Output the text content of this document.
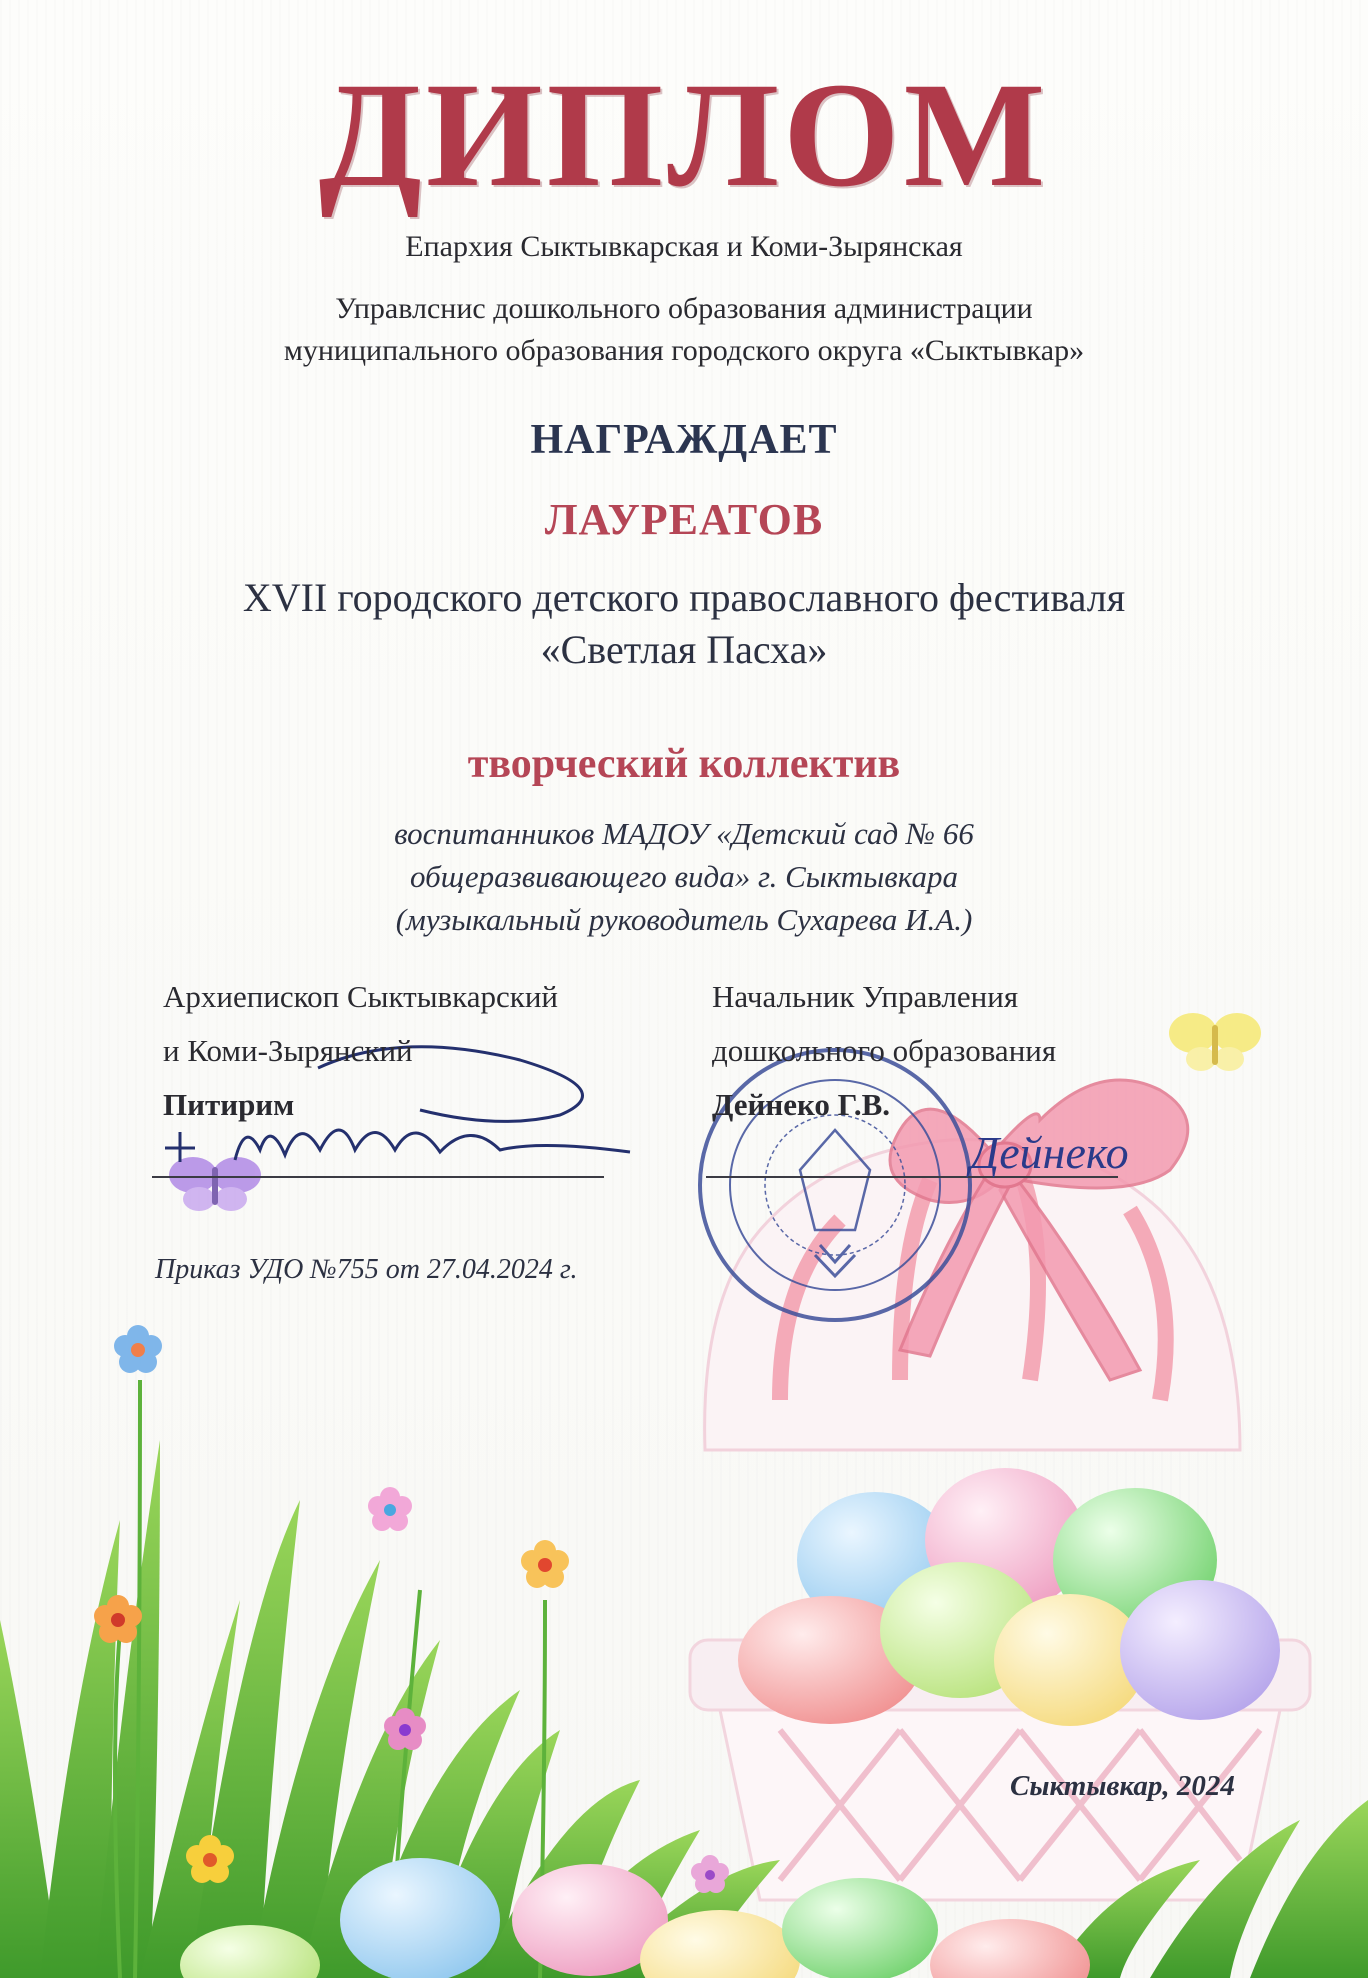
ДИПЛОМ
Епархия Сыктывкарская и Коми-Зырянская
Управлснис дошкольного образования администрации
муниципального образования городского округа «Сыктывкар»
НАГРАЖДАЕТ
ЛАУРЕАТОВ
XVII городского детского православного фестиваля
«Светлая Пасха»
творческий коллектив
воспитанников МАДОУ «Детский сад № 66
общеразвивающего вида» г. Сыктывкара
(музыкальный руководитель Сухарева И.А.)
Архиепископ Сыктывкарский
и Коми-Зырянский
Питирим
Начальник Управления
дошкольного образования
Дейнеко Г.В.
Дейнеко
Приказ УДО №755 от 27.04.2024 г.
Сыктывкар, 2024
